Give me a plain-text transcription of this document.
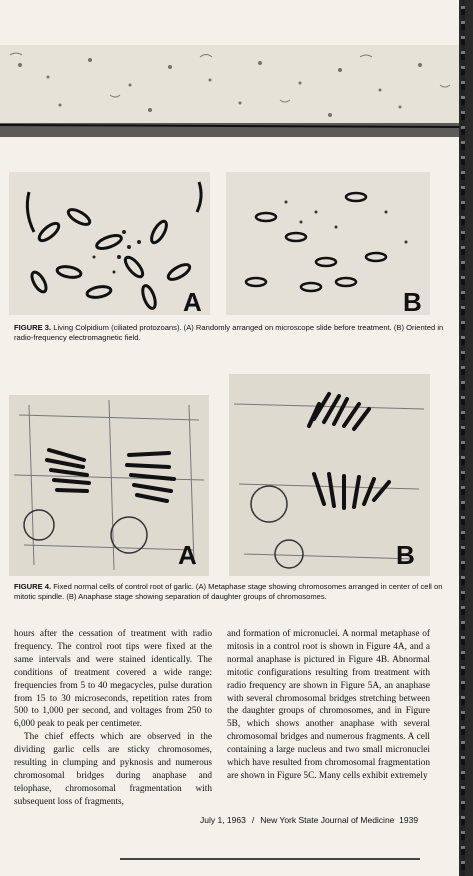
A	B
FIGURE 3. Living Colpidium (ciliated protozoans). (A) Randomly arranged on microscope slide before treatment. (B) Oriented in radio-frequency electromagnetic field.
A	B
FIGURE 4. Fixed normal cells of control root of garlic. (A) Metaphase stage showing chromosomes arranged in center of cell on mitotic spindle. (B) Anaphase stage showing separation of daughter groups of chromosomes.

hours after the cessation of treatment with radio frequency. The control root tips were fixed at the same intervals and were stained identically. The conditions of treatment covered a wide range: frequencies from 5 to 40 megacycles, pulse duration from 15 to 30 microseconds, repetition rates from 500 to 1,000 per second, and voltages from 250 to 6,000 peak to peak per centimeter.

The chief effects which are observed in the dividing garlic cells are sticky chromosomes, resulting in clumping and pyknosis and numerous chromosomal bridges during anaphase and telophase, chromosomal fragmentation with subsequent loss of fragments,

and formation of micronuclei. A normal metaphase of mitosis in a control root is shown in Figure 4A, and a normal anaphase is pictured in Figure 4B. Abnormal mitotic configurations resulting from treatment with radio frequency are shown in Figure 5A, an anaphase with several chromosomal bridges stretching between the daughter groups of chromosomes, and in Figure 5B, which shows another anaphase with several chromosomal bridges and numerous fragments. A cell containing a large nucleus and two small micronuclei which have resulted from chromosomal fragmentation are shown in Figure 5C. Many cells exhibit extremely

July 1, 1963 / New York State Journal of Medicine 1939
